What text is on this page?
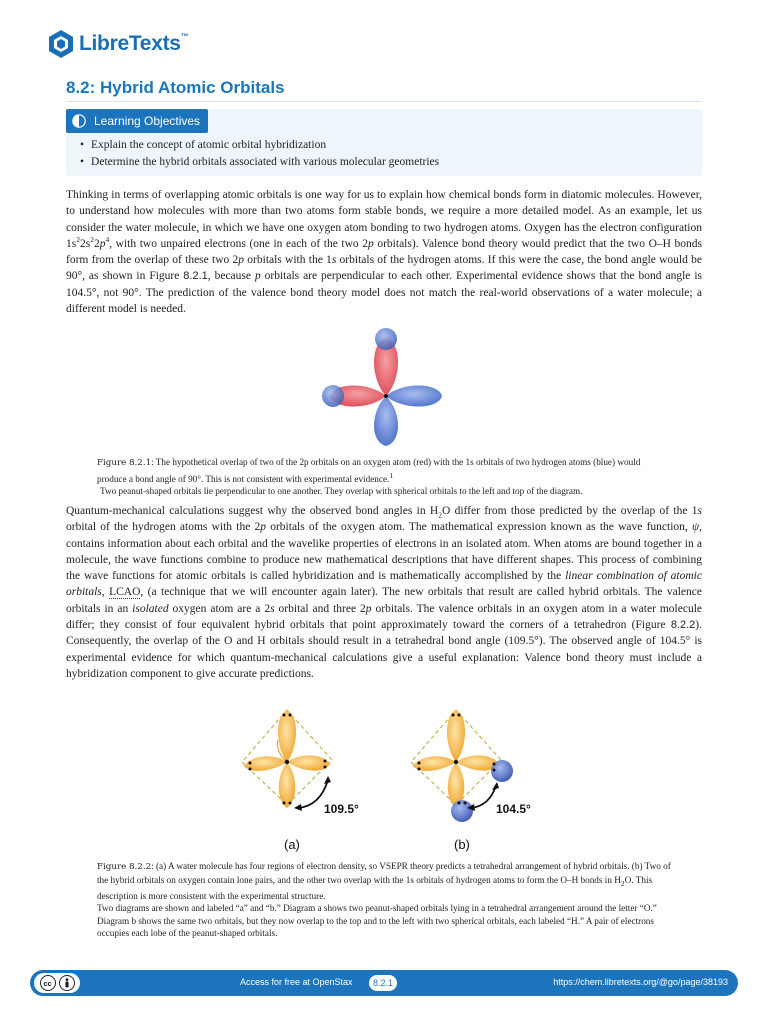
LibreTexts™
8.2: Hybrid Atomic Orbitals
Learning Objectives
• Explain the concept of atomic orbital hybridization
• Determine the hybrid orbitals associated with various molecular geometries

Thinking in terms of overlapping atomic orbitals is one way for us to explain how chemical bonds form in diatomic molecules. However, to understand how molecules with more than two atoms form stable bonds, we require a more detailed model. As an example, let us consider the water molecule, in which we have one oxygen atom bonding to two hydrogen atoms. Oxygen has the electron configuration $1s^22s^22p^4$, with two unpaired electrons (one in each of the two 2p orbitals). Valence bond theory would predict that the two O–H bonds form from the overlap of these two 2p orbitals with the 1s orbitals of the hydrogen atoms. If this were the case, the bond angle would be 90°, as shown in Figure 8.2.1, because p orbitals are perpendicular to each other. Experimental evidence shows that the bond angle is 104.5°, not 90°. The prediction of the valence bond theory model does not match the real-world observations of a water molecule; a different model is needed.

Figure 8.2.1: The hypothetical overlap of two of the 2p orbitals on an oxygen atom (red) with the 1s orbitals of two hydrogen atoms (blue) would produce a bond angle of 90°. This is not consistent with experimental evidence.$^1$
Two peanut-shaped orbitals lie perpendicular to one another. They overlap with spherical orbitals to the left and top of the diagram.

Quantum-mechanical calculations suggest why the observed bond angles in $H_2O$ differ from those predicted by the overlap of the 1s orbital of the hydrogen atoms with the 2p orbitals of the oxygen atom. The mathematical expression known as the wave function, ψ, contains information about each orbital and the wavelike properties of electrons in an isolated atom. When atoms are bound together in a molecule, the wave functions combine to produce new mathematical descriptions that have different shapes. This process of combining the wave functions for atomic orbitals is called hybridization and is mathematically accomplished by the linear combination of atomic orbitals, LCAO, (a technique that we will encounter again later). The new orbitals that result are called hybrid orbitals. The valence orbitals in an isolated oxygen atom are a 2s orbital and three 2p orbitals. The valence orbitals in an oxygen atom in a water molecule differ; they consist of four equivalent hybrid orbitals that point approximately toward the corners of a tetrahedron (Figure 8.2.2). Consequently, the overlap of the O and H orbitals should result in a tetrahedral bond angle (109.5°). The observed angle of 104.5° is experimental evidence for which quantum-mechanical calculations give a useful explanation: Valence bond theory must include a hybridization component to give accurate predictions.

109.5°
(a)
104.5°
(b)
Figure 8.2.2: (a) A water molecule has four regions of electron density, so VSEPR theory predicts a tetrahedral arrangement of hybrid orbitals. (b) Two of the hybrid orbitals on oxygen contain lone pairs, and the other two overlap with the 1s orbitals of hydrogen atoms to form the O–H bonds in $H_2O$. This description is more consistent with the experimental structure.
Two diagrams are shown and labeled “a” and “b.” Diagram a shows two peanut-shaped orbitals lying in a tetrahedral arrangement around the letter “O.” Diagram b shows the same two orbitals, but they now overlap to the top and to the left with two spherical orbitals, each labeled “H.” A pair of electrons occupies each lobe of the peanut-shaped orbitals.
cc	Access for free at OpenStax	8.2.1	https://chem.libretexts.org/@go/page/38193
